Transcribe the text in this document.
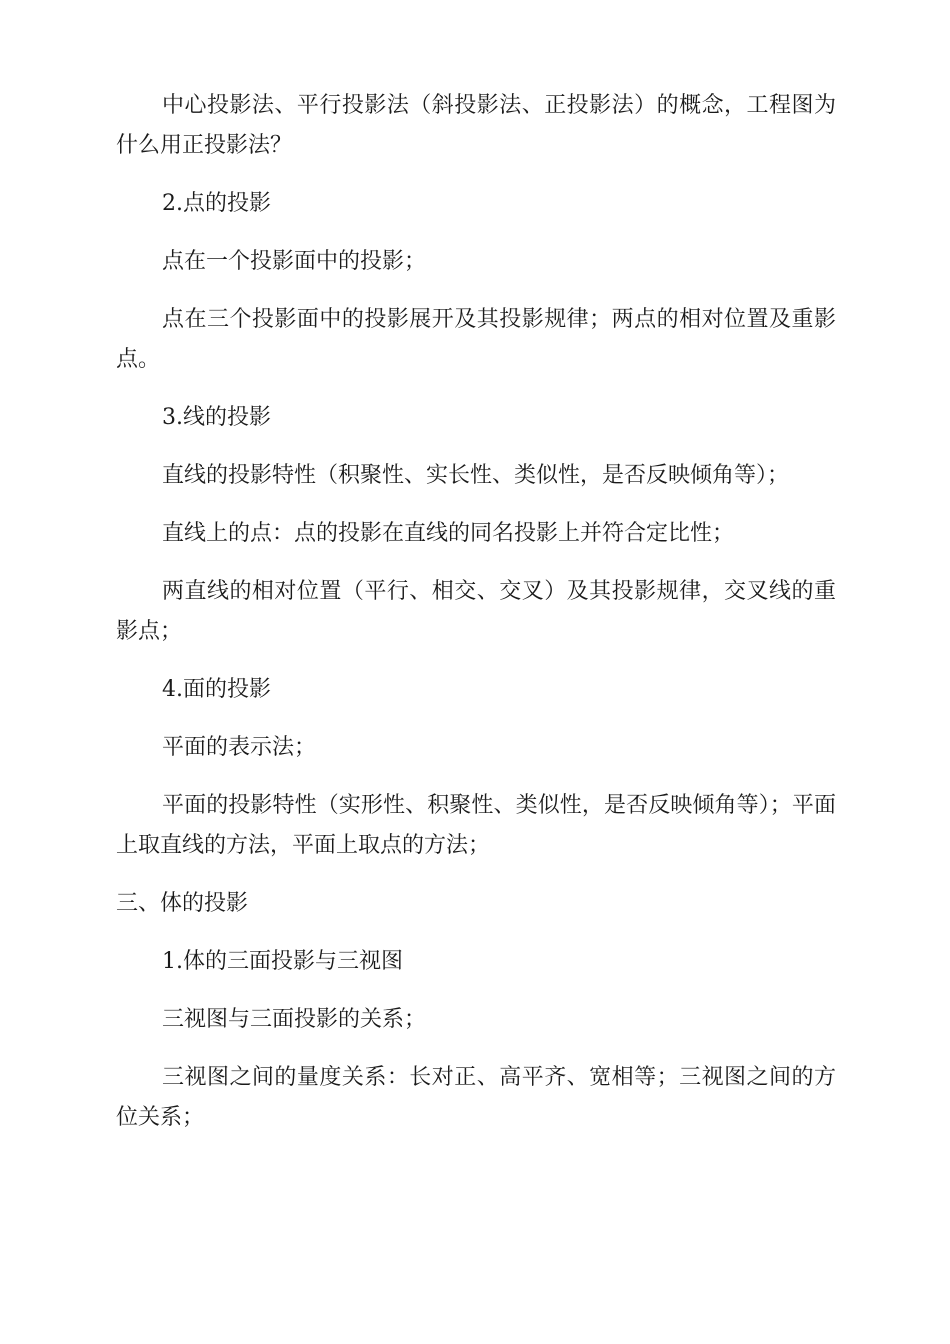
中心投影法、平行投影法（斜投影法、正投影法）的概念，工程图为什么用正投影法？

2.点的投影

点在一个投影面中的投影；

点在三个投影面中的投影展开及其投影规律；两点的相对位置及重影点。

3.线的投影

直线的投影特性（积聚性、实长性、类似性，是否反映倾角等）；

直线上的点：点的投影在直线的同名投影上并符合定比性；

两直线的相对位置（平行、相交、交叉）及其投影规律，交叉线的重影点；

4.面的投影

平面的表示法；

平面的投影特性（实形性、积聚性、类似性，是否反映倾角等）；平面上取直线的方法，平面上取点的方法；

三、体的投影

1.体的三面投影与三视图

三视图与三面投影的关系；

三视图之间的量度关系：长对正、高平齐、宽相等；三视图之间的方位关系；
